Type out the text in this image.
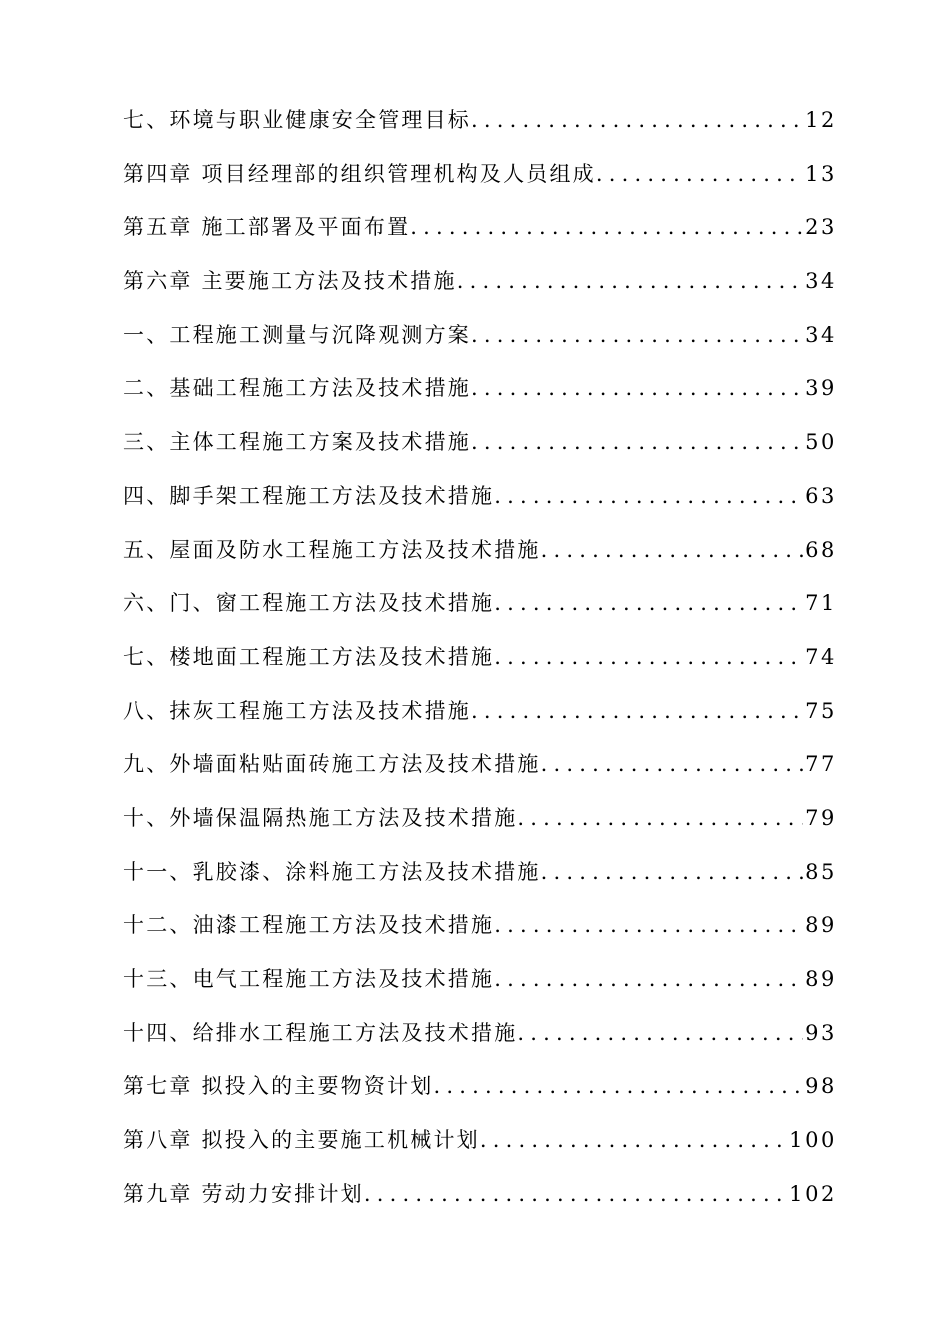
七、环境与职业健康安全管理目标 .....	12
第四章 项目经理部的组织管理机构及人员组成 .....	13
第五章 施工部署及平面布置 .....	23
第六章 主要施工方法及技术措施 .....	34
一、工程施工测量与沉降观测方案 .....	34
二、基础工程施工方法及技术措施 .....	39
三、主体工程施工方案及技术措施 .....	50
四、脚手架工程施工方法及技术措施 .....	63
五、屋面及防水工程施工方法及技术措施 .....	68
六、门、窗工程施工方法及技术措施 .....	71
七、楼地面工程施工方法及技术措施 .....	74
八、抹灰工程施工方法及技术措施 .....	75
九、外墙面粘贴面砖施工方法及技术措施 .....	77
十、外墙保温隔热施工方法及技术措施 .....	79
十一、乳胶漆、涂料施工方法及技术措施 .....	85
十二、油漆工程施工方法及技术措施 .....	89
十三、电气工程施工方法及技术措施 .....	89
十四、给排水工程施工方法及技术措施 .....	93
第七章 拟投入的主要物资计划 .....	98
第八章 拟投入的主要施工机械计划 .....	100
第九章 劳动力安排计划 .....	102
